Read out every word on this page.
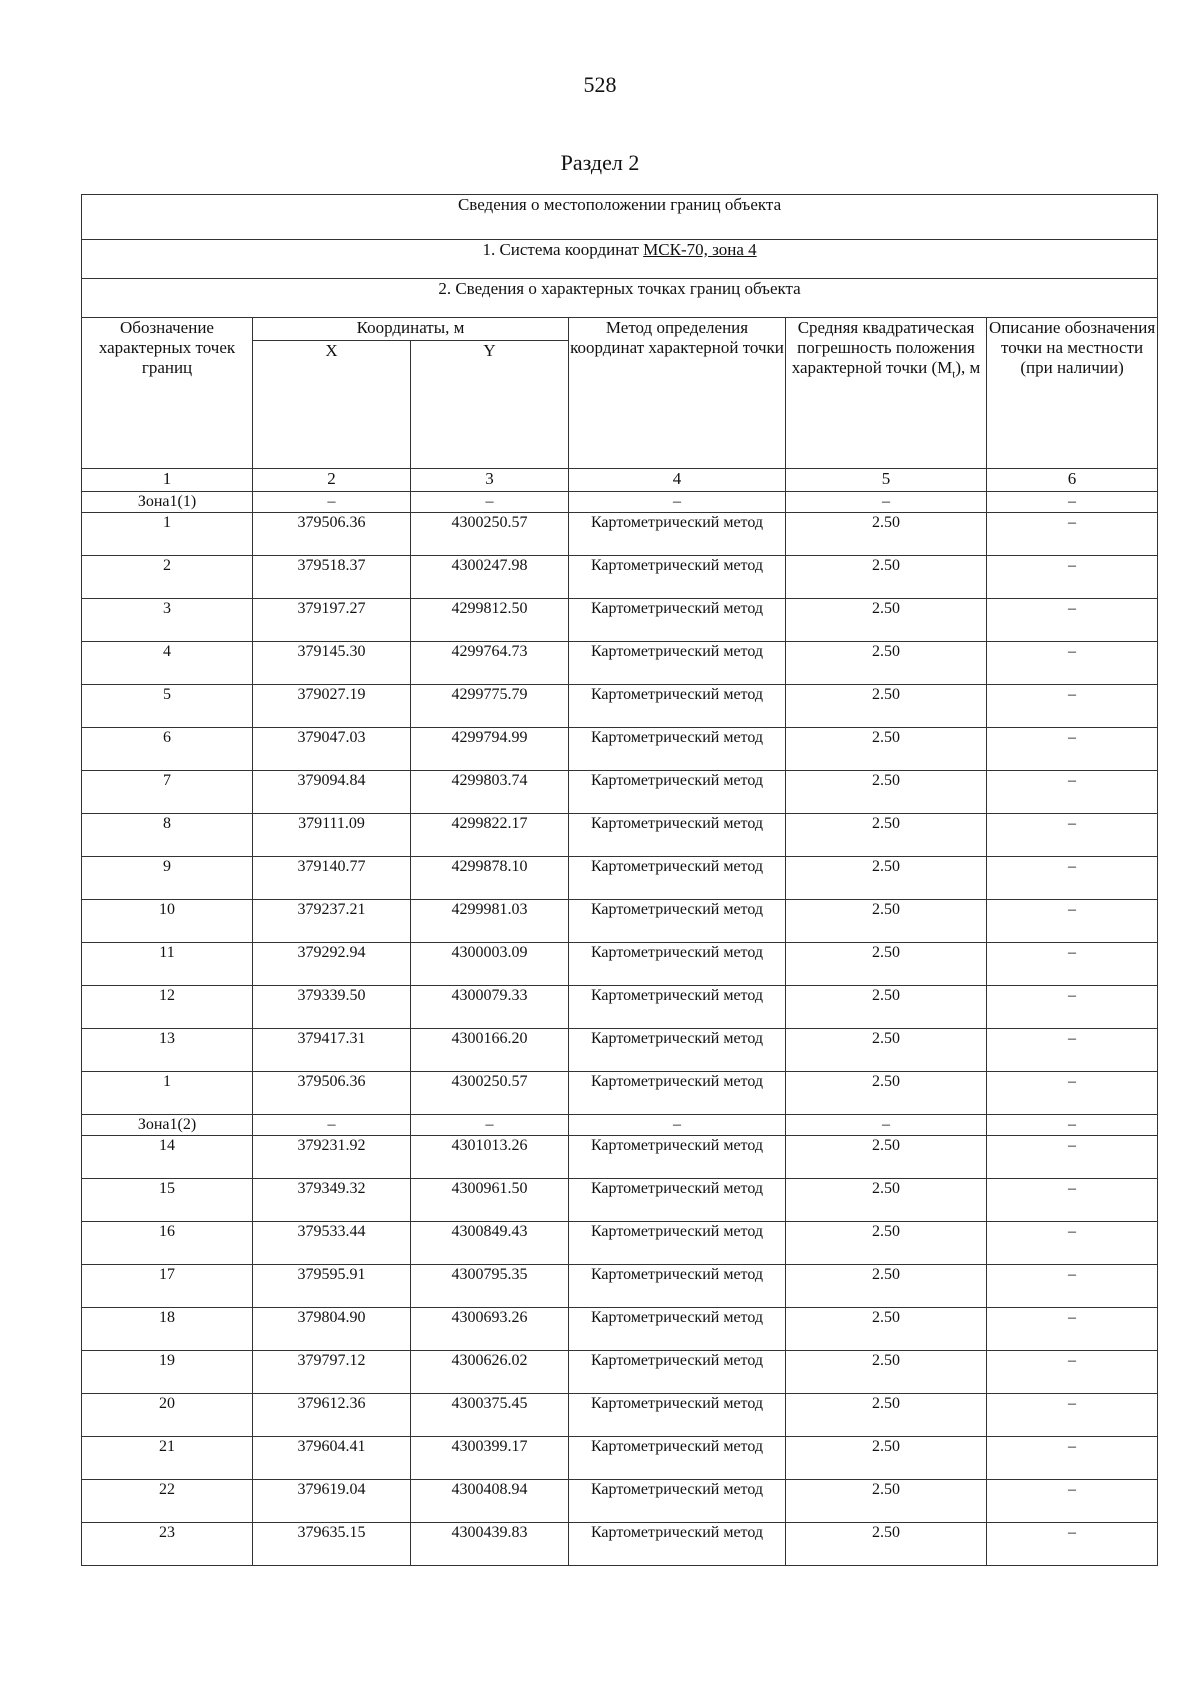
528
Раздел 2
Сведения о местоположении границ объекта					
1. Система координат МСК-70, зона 4					
2. Сведения о характерных точках границ объекта					
Обозначение характерных точек границ	Координаты, м		Метод определения координат характерной точки	Средняя квадратическая погрешность положения характерной точки $(M_t)$, м	Описание обозначения точки на местности (при наличии)
	X	Y			
1	2	3	4	5	6
Зона1(1)	–	–	–	–	–
1	379506.36	4300250.57	Картометрический метод	2.50	–
2	379518.37	4300247.98	Картометрический метод	2.50	–
3	379197.27	4299812.50	Картометрический метод	2.50	–
4	379145.30	4299764.73	Картометрический метод	2.50	–
5	379027.19	4299775.79	Картометрический метод	2.50	–
6	379047.03	4299794.99	Картометрический метод	2.50	–
7	379094.84	4299803.74	Картометрический метод	2.50	–
8	379111.09	4299822.17	Картометрический метод	2.50	–
9	379140.77	4299878.10	Картометрический метод	2.50	–
10	379237.21	4299981.03	Картометрический метод	2.50	–
11	379292.94	4300003.09	Картометрический метод	2.50	–
12	379339.50	4300079.33	Картометрический метод	2.50	–
13	379417.31	4300166.20	Картометрический метод	2.50	–
1	379506.36	4300250.57	Картометрический метод	2.50	–
Зона1(2)	–	–	–	–	–
14	379231.92	4301013.26	Картометрический метод	2.50	–
15	379349.32	4300961.50	Картометрический метод	2.50	–
16	379533.44	4300849.43	Картометрический метод	2.50	–
17	379595.91	4300795.35	Картометрический метод	2.50	–
18	379804.90	4300693.26	Картометрический метод	2.50	–
19	379797.12	4300626.02	Картометрический метод	2.50	–
20	379612.36	4300375.45	Картометрический метод	2.50	–
21	379604.41	4300399.17	Картометрический метод	2.50	–
22	379619.04	4300408.94	Картометрический метод	2.50	–
23	379635.15	4300439.83	Картометрический метод	2.50	–
